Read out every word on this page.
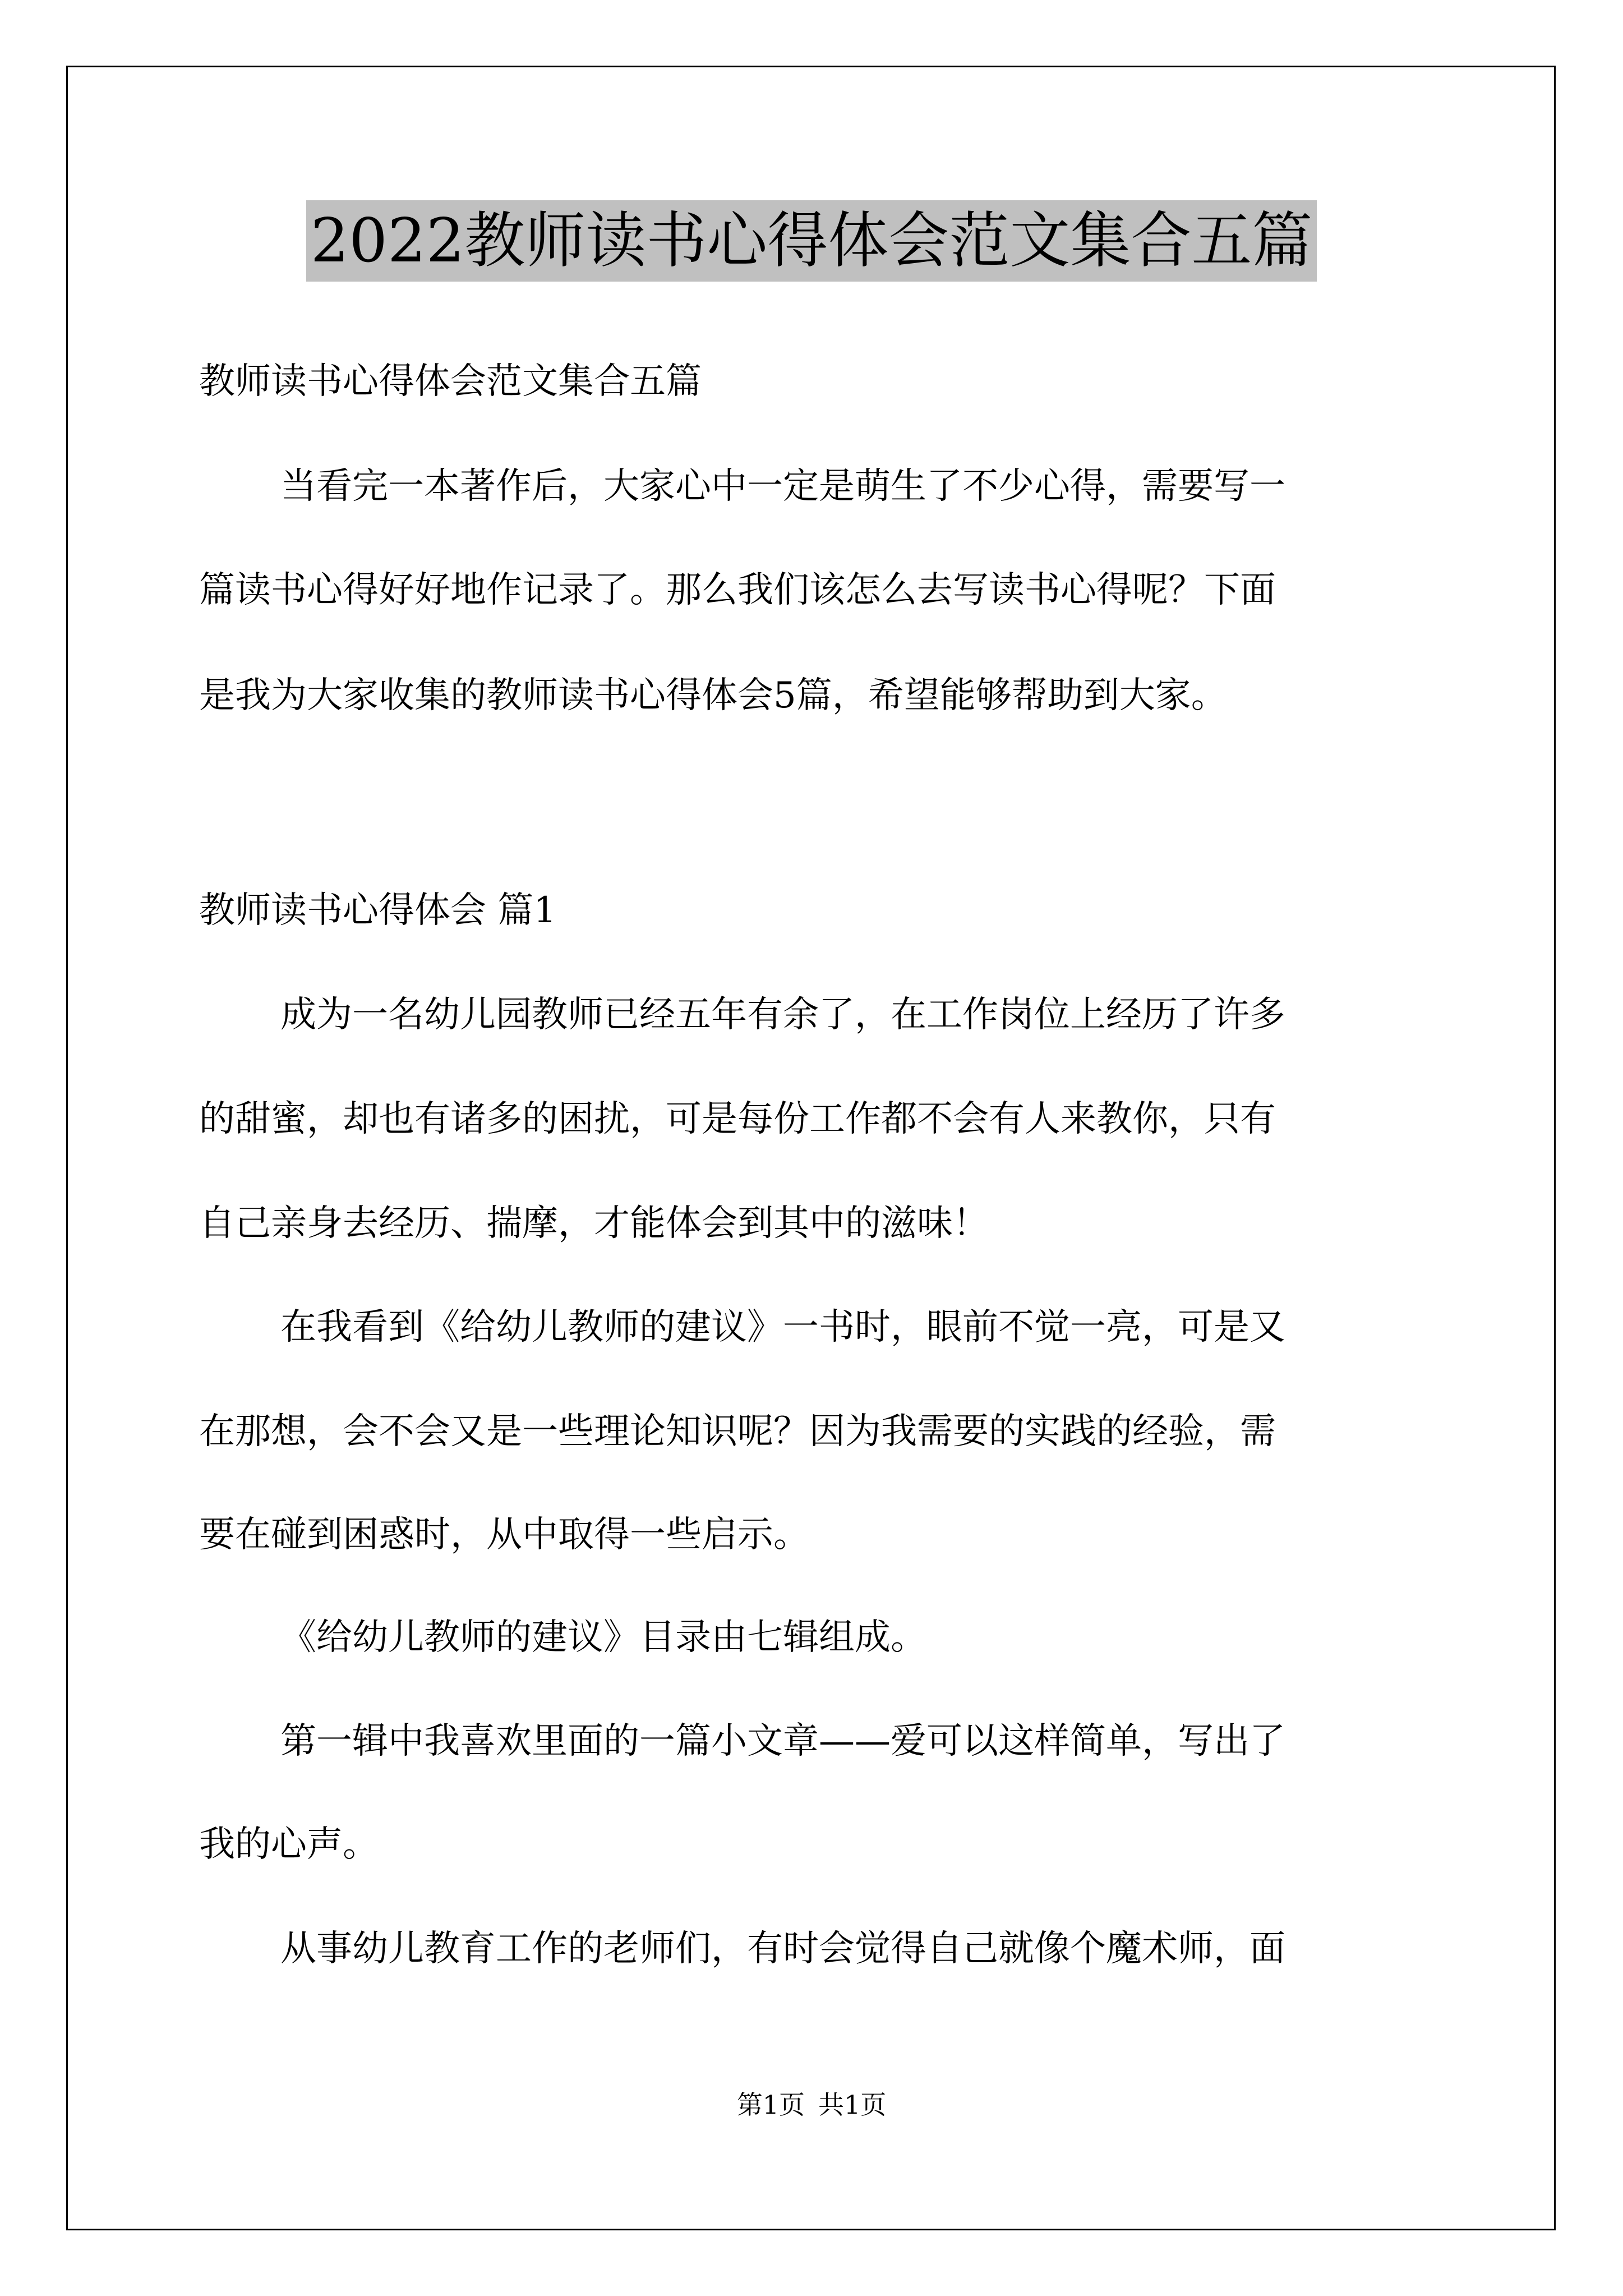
2022教师读书心得体会范文集合五篇
教师读书心得体会范文集合五篇
当看完一本著作后，大家心中一定是萌生了不少心得，需要写一
篇读书心得好好地作记录了。那么我们该怎么去写读书心得呢？下面
是我为大家收集的教师读书心得体会5篇，希望能够帮助到大家。
教师读书心得体会 篇1
成为一名幼儿园教师已经五年有余了，在工作岗位上经历了许多
的甜蜜，却也有诸多的困扰，可是每份工作都不会有人来教你，只有
自己亲身去经历、揣摩，才能体会到其中的滋味！
在我看到《给幼儿教师的建议》一书时，眼前不觉一亮，可是又
在那想，会不会又是一些理论知识呢？因为我需要的实践的经验，需
要在碰到困惑时，从中取得一些启示。
《给幼儿教师的建议》目录由七辑组成。
第一辑中我喜欢里面的一篇小文章——爱可以这样简单，写出了
我的心声。
从事幼儿教育工作的老师们，有时会觉得自己就像个魔术师，面
第1页 共1页
